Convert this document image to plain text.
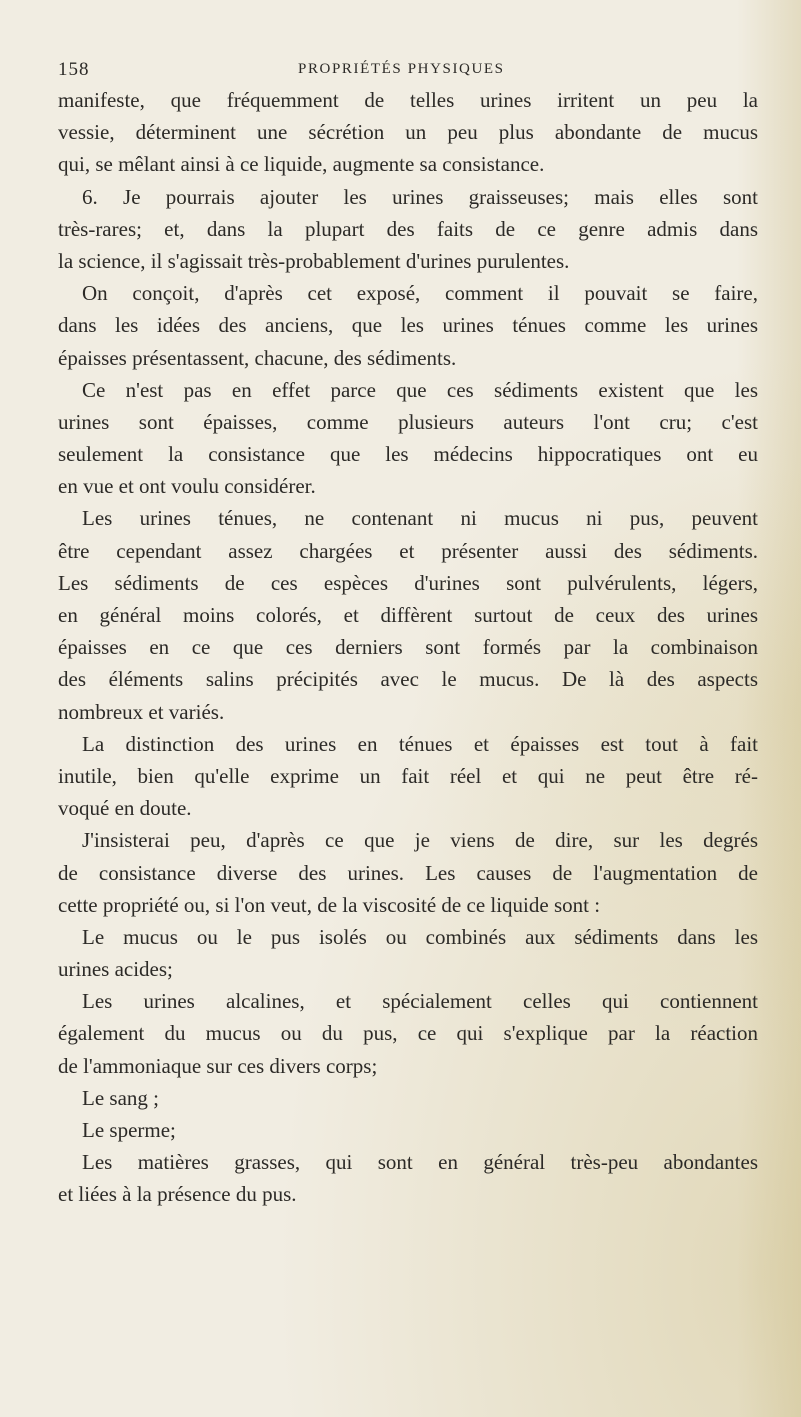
158	PROPRIÉTÉS PHYSIQUES
manifeste, que fréquemment de telles urines irritent un peu la
vessie, déterminent une sécrétion un peu plus abondante de mucus
qui, se mêlant ainsi à ce liquide, augmente sa consistance.
6. Je pourrais ajouter les urines graisseuses; mais elles sont
très-rares; et, dans la plupart des faits de ce genre admis dans
la science, il s'agissait très-probablement d'urines purulentes.
On conçoit, d'après cet exposé, comment il pouvait se faire,
dans les idées des anciens, que les urines ténues comme les urines
épaisses présentassent, chacune, des sédiments.
Ce n'est pas en effet parce que ces sédiments existent que les
urines sont épaisses, comme plusieurs auteurs l'ont cru; c'est
seulement la consistance que les médecins hippocratiques ont eu
en vue et ont voulu considérer.
Les urines ténues, ne contenant ni mucus ni pus, peuvent
être cependant assez chargées et présenter aussi des sédiments.
Les sédiments de ces espèces d'urines sont pulvérulents, légers,
en général moins colorés, et diffèrent surtout de ceux des urines
épaisses en ce que ces derniers sont formés par la combinaison
des éléments salins précipités avec le mucus. De là des aspects
nombreux et variés.
La distinction des urines en ténues et épaisses est tout à fait
inutile, bien qu'elle exprime un fait réel et qui ne peut être ré-
voqué en doute.
J'insisterai peu, d'après ce que je viens de dire, sur les degrés
de consistance diverse des urines. Les causes de l'augmentation de
cette propriété ou, si l'on veut, de la viscosité de ce liquide sont :
Le mucus ou le pus isolés ou combinés aux sédiments dans les
urines acides;
Les urines alcalines, et spécialement celles qui contiennent
également du mucus ou du pus, ce qui s'explique par la réaction
de l'ammoniaque sur ces divers corps;
Le sang ;
Le sperme;
Les matières grasses, qui sont en général très-peu abondantes
et liées à la présence du pus.
